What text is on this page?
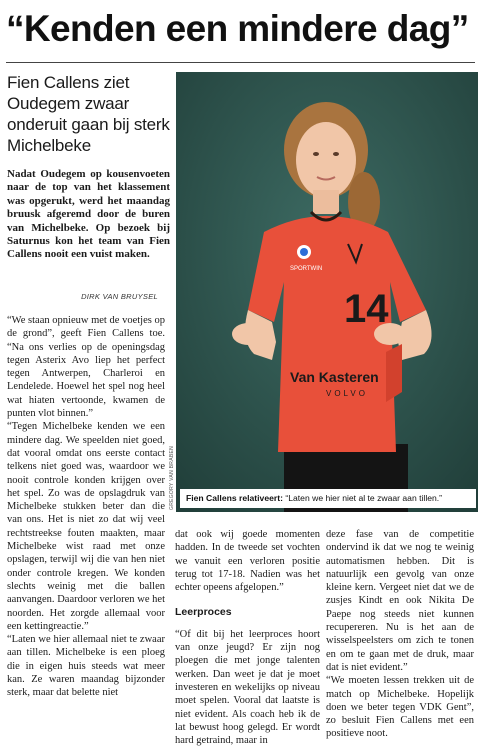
“Kenden een mindere dag”
Fien Callens ziet Oudegem zwaar onderuit gaan bij sterk Michelbeke
Nadat Oudegem op kousenvoeten naar de top van het klassement was opgerukt, werd het maandag bruusk afgeremd door de buren van Michelbeke. Op bezoek bij Saturnus kon het team van Fien Callens nooit een vuist maken.
DIRK VAN BRUYSEL

“We staan opnieuw met de voetjes op de grond”, geeft Fien Callens toe. “Na ons verlies op de openingsdag tegen Asterix Avo liep het perfect tegen Antwerpen, Charleroi en Lendelede. Hoewel het spel nog heel wat hiaten vertoonde, kwamen de punten vlot binnen.”

“Tegen Michelbeke kenden we een mindere dag. We speelden niet goed, dat vooral omdat ons eerste contact telkens niet goed was, waardoor we nooit controle konden krijgen over het spel. Zo was de opslagdruk van Michelbeke stukken beter dan die van ons. Het is niet zo dat wij veel rechtstreekse fouten maakten, maar Michelbeke wist raad met onze opslagen, terwijl wij die van hen niet onder controle kregen. We konden slechts weinig met die ballen aanvangen. Daardoor verloren we het noorden. Het zorgde allemaal voor een kettingreactie.”

“Laten we hier allemaal niet te zwaar aan tillen. Michelbeke is een ploeg die in eigen huis steeds wat meer kan. Ze waren maandag bijzonder sterk, maar dat belette niet

14
SPORTWIN
Van Kasteren
VOLVO
GREGORY VAN BRABEN	Fien Callens relativeert: “Laten we hier niet al te zwaar aan tillen.”

dat ook wij goede momenten hadden. In de tweede set vochten we vanuit een verloren positie terug tot 17-18. Nadien was het echter opeens afgelopen.”

Leerproces

“Of dit bij het leerproces hoort van onze jeugd? Er zijn nog ploegen die met jonge talenten werken. Dan weet je dat je moet investeren en wekelijks op niveau moet spelen. Vooral dat laatste is niet evident. Als coach heb ik de lat bewust hoog gelegd. Er wordt hard getraind, maar in

deze fase van de competitie ondervind ik dat we nog te weinig automatismen hebben. Dit is natuurlijk een gevolg van onze kleine kern. Vergeet niet dat we de zusjes Kindt en ook Nikita De Paepe nog steeds niet kunnen recupereren. Nu is het aan de wisselspeelsters om zich te tonen en om te gaan met de druk, maar dat is niet evident.”

“We moeten lessen trekken uit de match op Michelbeke. Hopelijk doen we beter tegen VDK Gent”, zo besluit Fien Callens met een positieve noot.
